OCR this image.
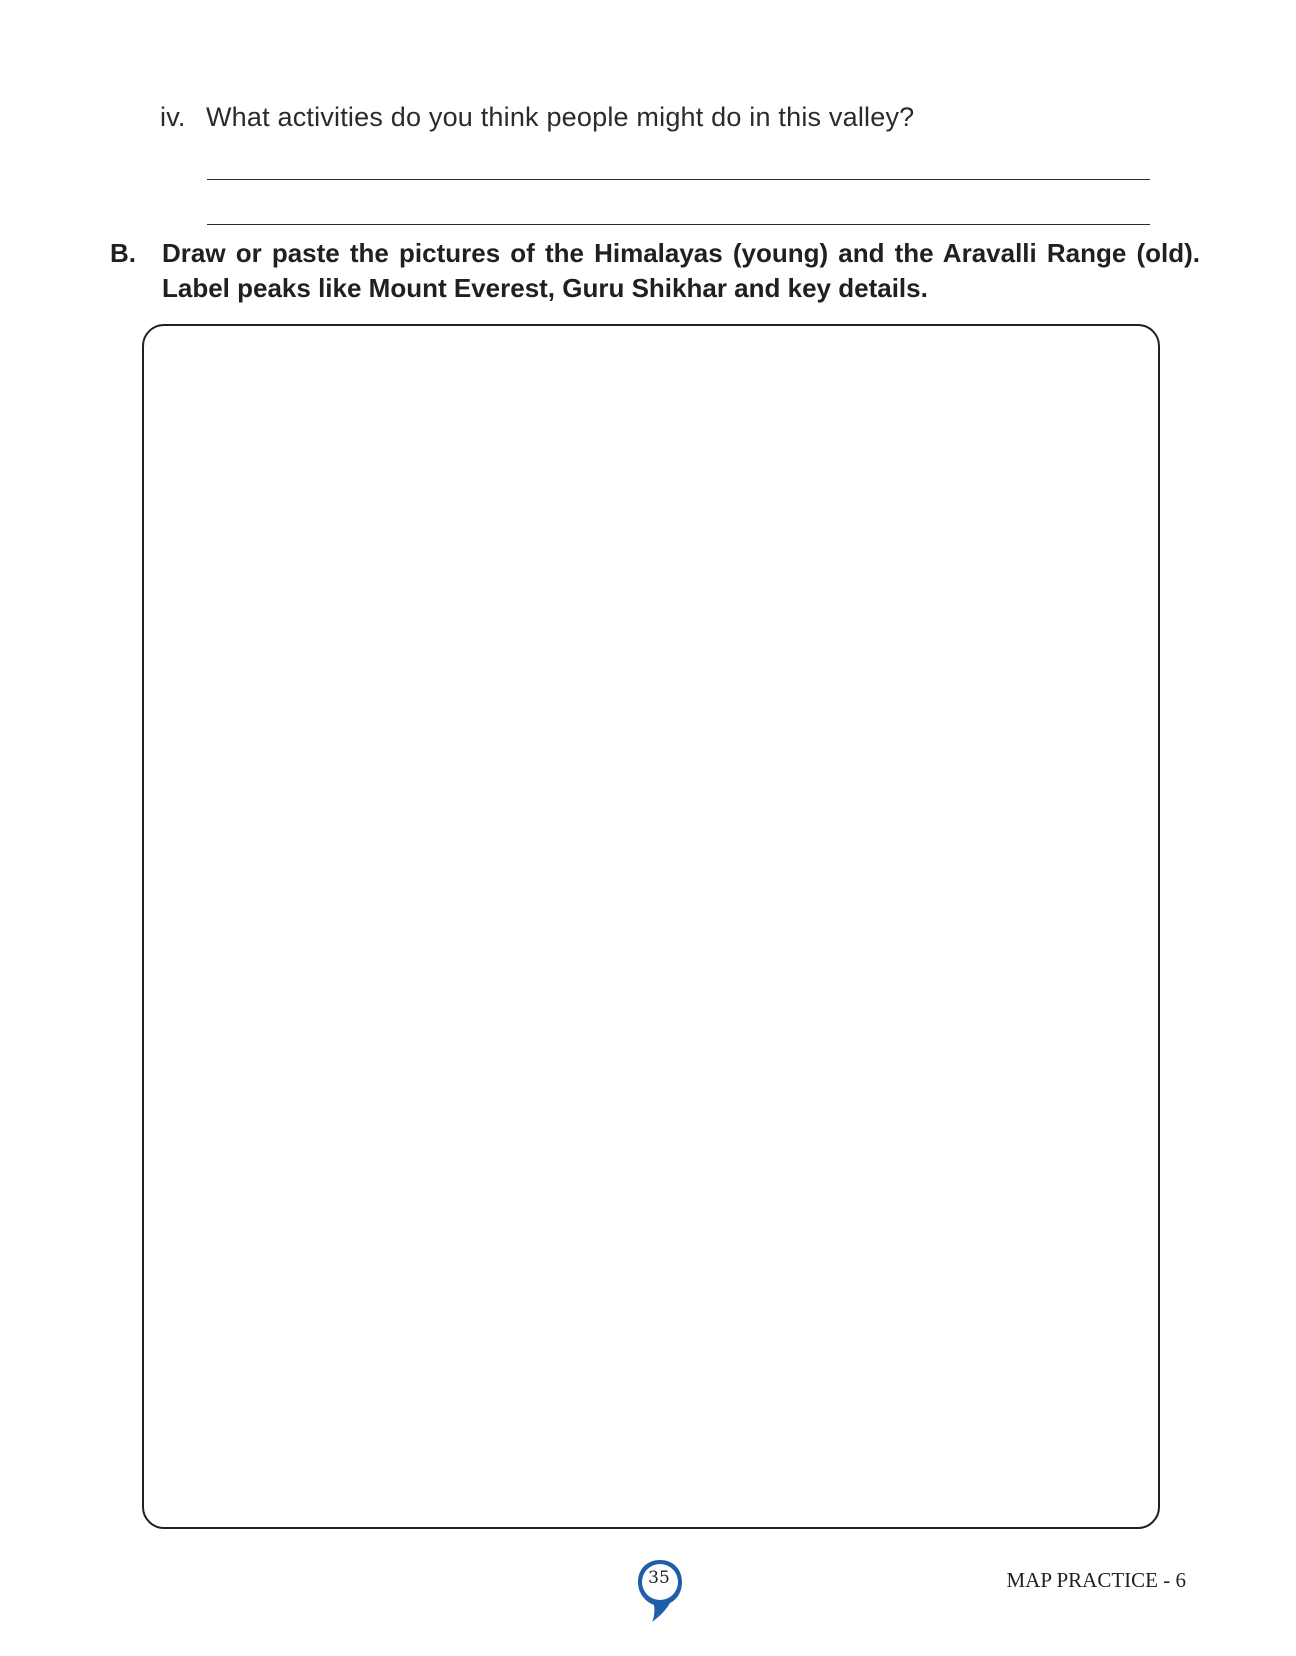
iv. What activities do you think people might do in this valley?
B. Draw or paste the pictures of the Himalayas (young) and the Aravalli Range (old).
Label peaks like Mount Everest, Guru Shikhar and key details.
35	MAP PRACTICE - 6
